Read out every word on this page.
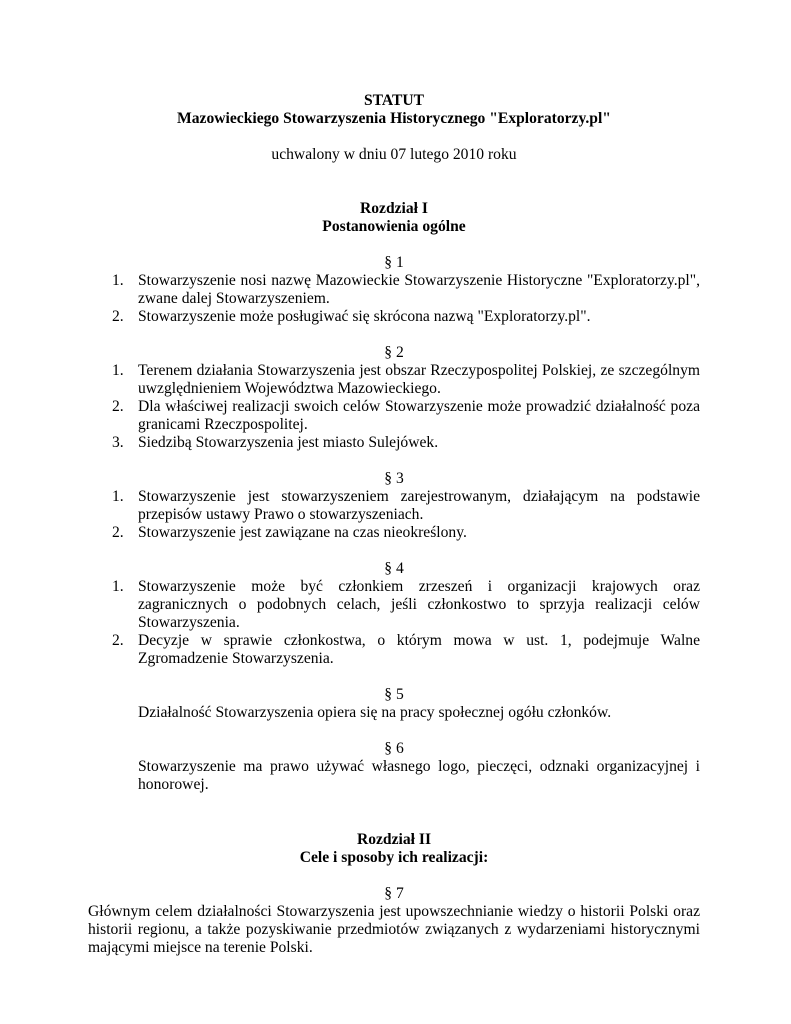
STATUT

Mazowieckiego Stowarzyszenia Historycznego "Exploratorzy.pl"

uchwalony w dniu 07 lutego 2010 roku

Rozdział I

Postanowienia ogólne

§ 1

1. Stowarzyszenie nosi nazwę Mazowieckie Stowarzyszenie Historyczne "Exploratorzy.pl", zwane dalej Stowarzyszeniem.
2. Stowarzyszenie może posługiwać się skrócona nazwą "Exploratorzy.pl".

§ 2

1. Terenem działania Stowarzyszenia jest obszar Rzeczypospolitej Polskiej, ze szczególnym uwzględnieniem Województwa Mazowieckiego.
2. Dla właściwej realizacji swoich celów Stowarzyszenie może prowadzić działalność poza granicami Rzeczpospolitej.
3. Siedzibą Stowarzyszenia jest miasto Sulejówek.

§ 3

1. Stowarzyszenie jest stowarzyszeniem zarejestrowanym, działającym na podstawie przepisów ustawy Prawo o stowarzyszeniach.
2. Stowarzyszenie jest zawiązane na czas nieokreślony.

§ 4

1. Stowarzyszenie może być członkiem zrzeszeń i organizacji krajowych oraz zagranicznych o podobnych celach, jeśli członkostwo to sprzyja realizacji celów Stowarzyszenia.
2. Decyzje w sprawie członkostwa, o którym mowa w ust. 1, podejmuje Walne Zgromadzenie Stowarzyszenia.

§ 5

Działalność Stowarzyszenia opiera się na pracy społecznej ogółu członków.

§ 6

Stowarzyszenie ma prawo używać własnego logo, pieczęci, odznaki organizacyjnej i honorowej.

Rozdział II

Cele i sposoby ich realizacji:

§ 7

Głównym celem działalności Stowarzyszenia jest upowszechnianie wiedzy o historii Polski oraz historii regionu, a także pozyskiwanie przedmiotów związanych z wydarzeniami historycznymi mającymi miejsce na terenie Polski.
